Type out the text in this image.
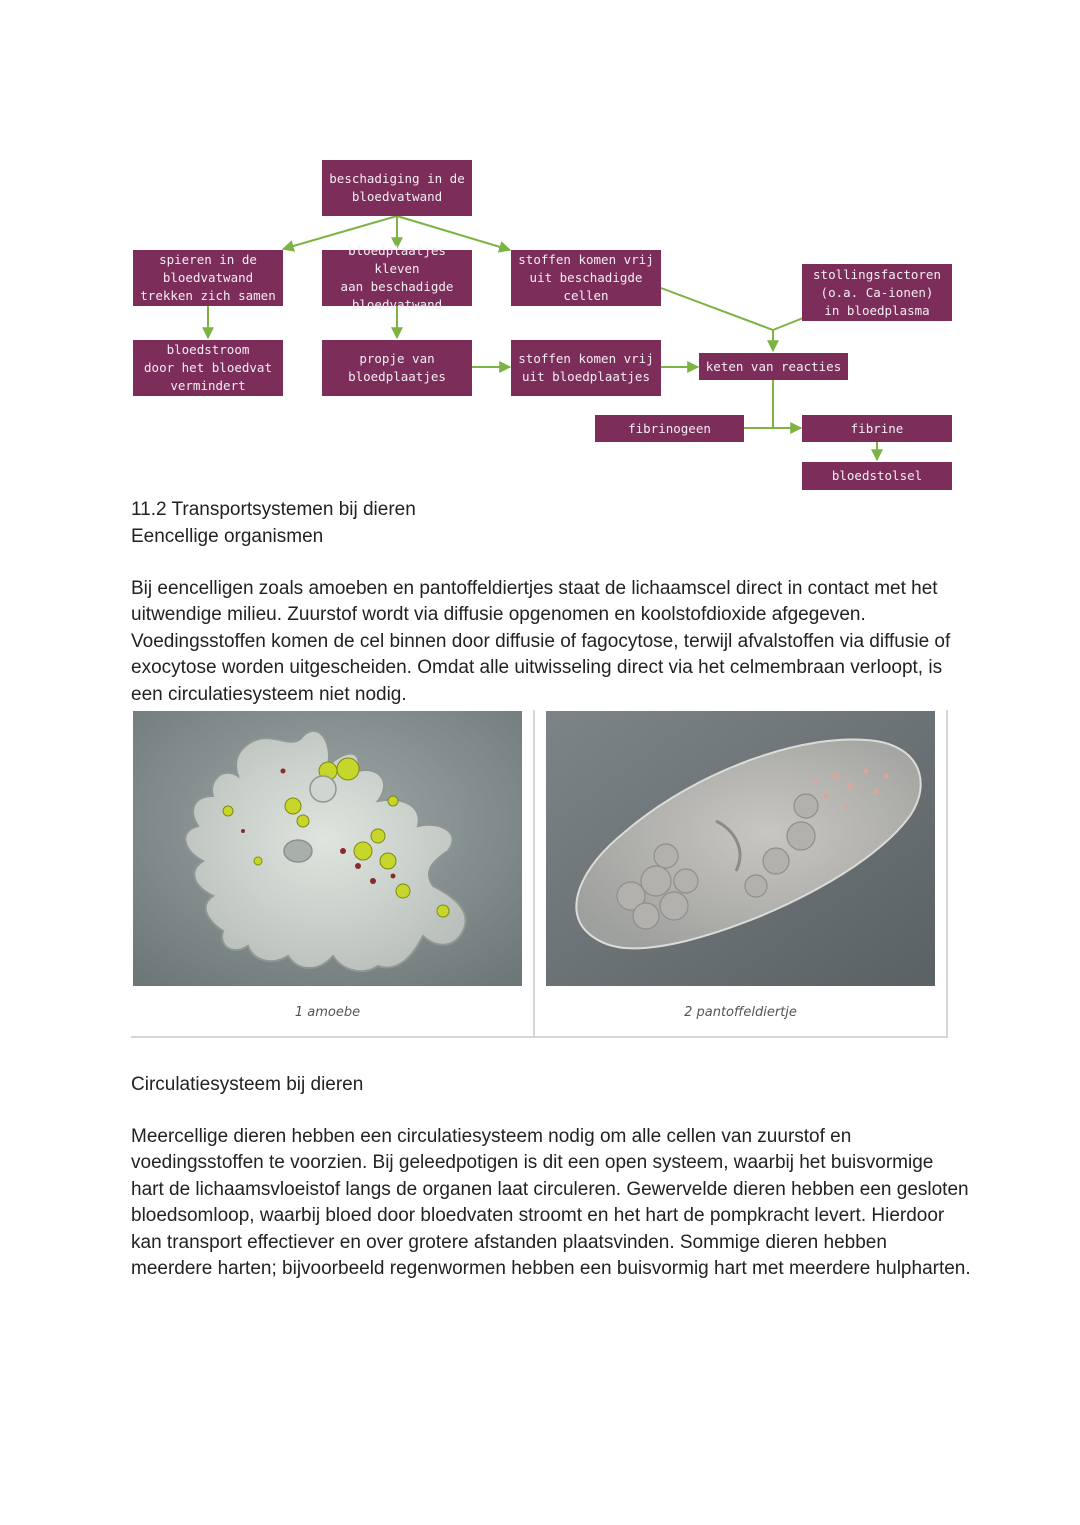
beschadiging in de
bloedvatwand
spieren in de
bloedvatwand
trekken zich samen
bloedplaatjes kleven
aan beschadigde
bloedvatwand
stoffen komen vrij
uit beschadigde cellen
stollingsfactoren
(o.a. Ca-ionen)
in bloedplasma
bloedstroom
door het bloedvat
vermindert
propje van
bloedplaatjes
stoffen komen vrij
uit bloedplaatjes
keten van reacties
fibrinogeen	fibrine
bloedstolsel
11.2 Transportsystemen bij dieren
Eencellige organismen
Bij eencelligen zoals amoeben en pantoffeldiertjes staat de lichaamscel direct in contact met het uitwendige milieu. Zuurstof wordt via diffusie opgenomen en koolstofdioxide afgegeven. Voedingsstoffen komen de cel binnen door diffusie of fagocytose, terwijl afvalstoffen via diffusie of exocytose worden uitgescheiden. Omdat alle uitwisseling direct via het celmembraan verloopt, is een circulatiesysteem niet nodig.
1 amoebe	2 pantoffeldiertje
Circulatiesysteem bij dieren
Meercellige dieren hebben een circulatiesysteem nodig om alle cellen van zuurstof en voedingsstoffen te voorzien. Bij geleedpotigen is dit een open systeem, waarbij het buisvormige hart de lichaamsvloeistof langs de organen laat circuleren. Gewervelde dieren hebben een gesloten bloedsomloop, waarbij bloed door bloedvaten stroomt en het hart de pompkracht levert. Hierdoor kan transport effectiever en over grotere afstanden plaatsvinden. Sommige dieren hebben meerdere harten; bijvoorbeeld regenwormen hebben een buisvormig hart met meerdere hulpharten.
